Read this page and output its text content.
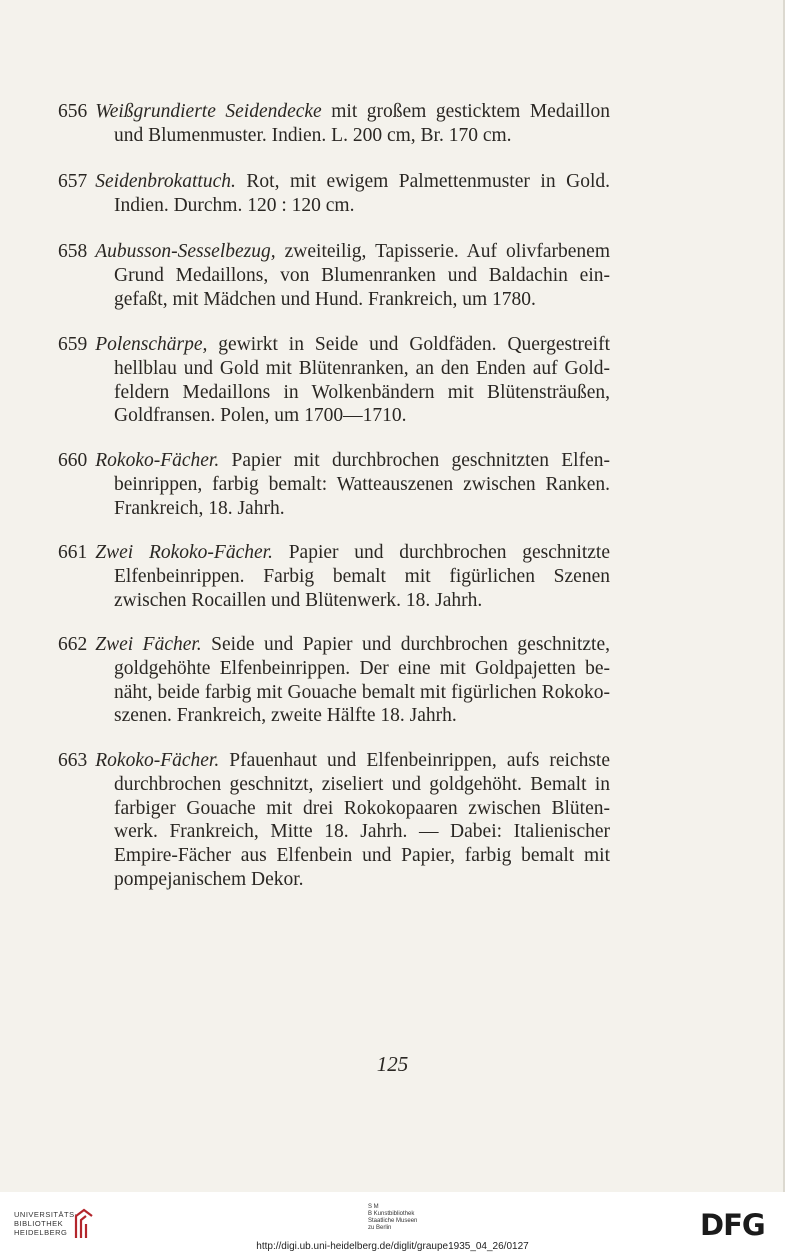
656 Weißgrundierte Seidendecke mit großem gesticktem Medaillon
und Blumenmuster. Indien. L. 200 cm, Br. 170 cm.
657 Seidenbrokattuch. Rot, mit ewigem Palmettenmuster in Gold.
Indien. Durchm. 120 : 120 cm.
658 Aubusson-Sesselbezug, zweiteilig, Tapisserie. Auf olivfarbenem
Grund Medaillons, von Blumenranken und Baldachin ein-
gefaßt, mit Mädchen und Hund. Frankreich, um 1780.
659 Polenschärpe, gewirkt in Seide und Goldfäden. Quergestreift
hellblau und Gold mit Blütenranken, an den Enden auf Gold-
feldern Medaillons in Wolkenbändern mit Blütensträußen,
Goldfransen. Polen, um 1700—1710.
660 Rokoko-Fächer. Papier mit durchbrochen geschnitzten Elfen-
beinrippen, farbig bemalt: Watteauszenen zwischen Ranken.
Frankreich, 18. Jahrh.
661 Zwei Rokoko-Fächer. Papier und durchbrochen geschnitzte
Elfenbeinrippen. Farbig bemalt mit figürlichen Szenen
zwischen Rocaillen und Blütenwerk. 18. Jahrh.
662 Zwei Fächer. Seide und Papier und durchbrochen geschnitzte,
goldgehöhte Elfenbeinrippen. Der eine mit Goldpajetten be-
näht, beide farbig mit Gouache bemalt mit figürlichen Rokoko-
szenen. Frankreich, zweite Hälfte 18. Jahrh.
663 Rokoko-Fächer. Pfauenhaut und Elfenbeinrippen, aufs reichste
durchbrochen geschnitzt, ziseliert und goldgehöht. Bemalt in
farbiger Gouache mit drei Rokokopaaren zwischen Blüten-
werk. Frankreich, Mitte 18. Jahrh. — Dabei: Italienischer
Empire-Fächer aus Elfenbein und Papier, farbig bemalt mit
pompejanischem Dekor.
125
UNIVERSITÄTS-
BIBLIOTHEK
HEIDELBERG
S M
B Kunstbibliothek
Staatliche Museen
zu Berlin	DFG
http://digi.ub.uni-heidelberg.de/diglit/graupe1935_04_26/0127
